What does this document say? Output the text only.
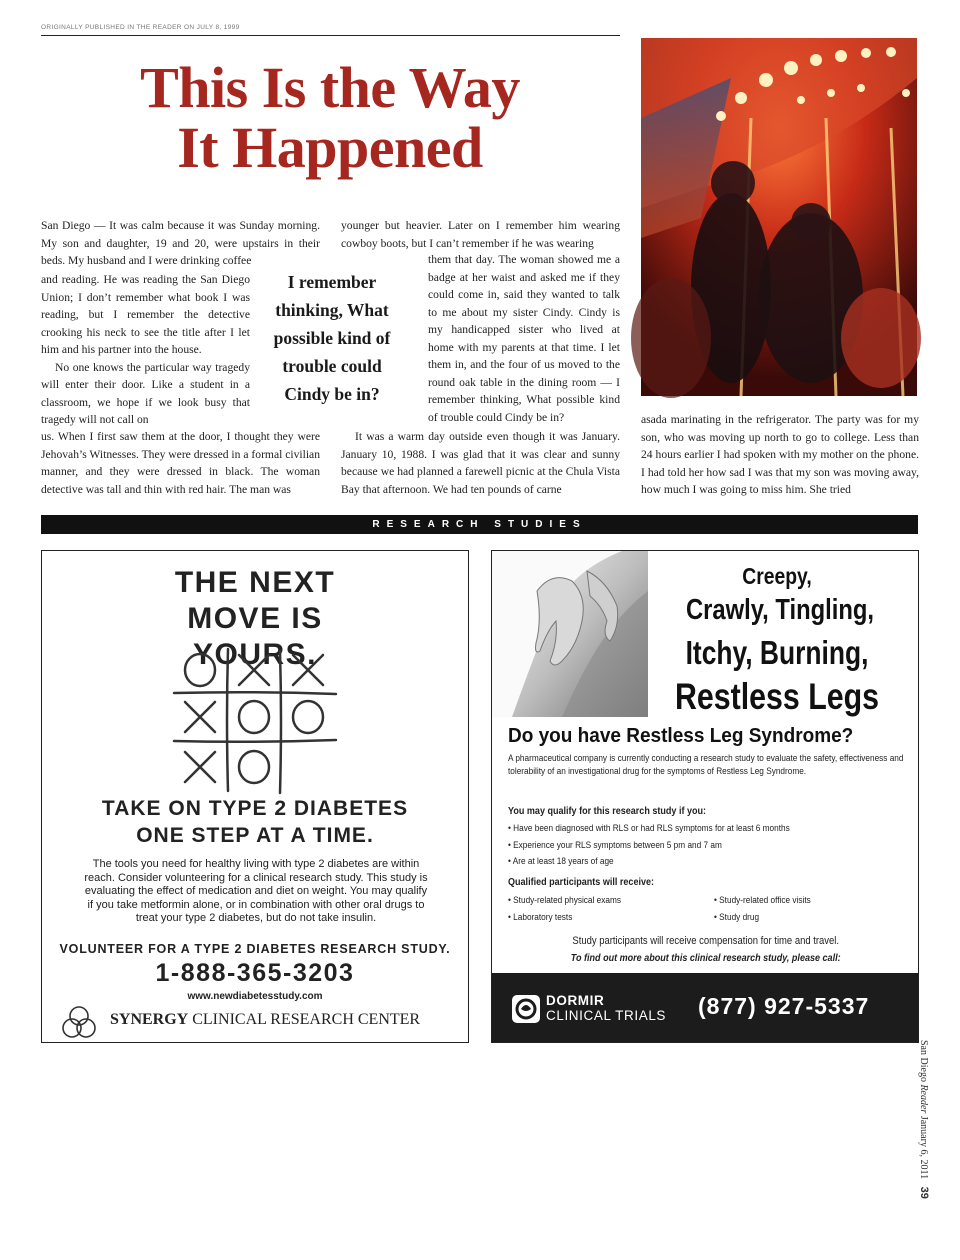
ORIGINALLY PUBLISHED IN THE READER ON JULY 8, 1999
This Is the Way
It Happened

San Diego — It was calm because it was Sunday morning. My son and daughter, 19 and 20, were upstairs in their beds. My husband and I were drinking coffee

and reading. He was reading the San Diego Union; I don’t remember what book I was reading, but I remember the detective crooking his neck to see the title after I let him and his partner into the house.

No one knows the particular way tragedy will enter their door. Like a student in a classroom, we hope if we look busy that tragedy will not call on

us. When I first saw them at the door, I thought they were Jehovah’s Witnesses. They were dressed in a formal civilian manner, and they were dressed in black. The woman detective was tall and thin with red hair. The man was

younger but heavier. Later on I remember him wearing cowboy boots, but I can’t remember if he was wearing

them that day. The woman showed me a badge at her waist and asked me if they could come in, said they wanted to talk to me about my sister Cindy. Cindy is my handicapped sister who lived at home with my parents at that time. I let them in, and the four of us moved to the round oak table in the dining room — I remember thinking, What possible kind of trouble could Cindy be in?

It was a warm day outside even though it was January. January 10, 1988. I was glad that it was clear and sunny because we had planned a farewell picnic at the Chula Vista Bay that afternoon. We had ten pounds of carne

asada marinating in the refrigerator. The party was for my son, who was moving up north to go to college. Less than 24 hours earlier I had spoken with my mother on the phone. I had told her how sad I was that my son was moving away, how much I was going to miss him. She tried

I remember thinking, What possible kind of trouble could Cindy be in?
RESEARCH STUDIES
THE NEXT MOVE IS YOURS.
TAKE ON TYPE 2 DIABETES ONE STEP AT A TIME.
The tools you need for healthy living with type 2 diabetes are within reach. Consider volunteering for a clinical research study. This study is evaluating the effect of medication and diet on weight. You may qualify if you take metformin alone, or in combination with other oral drugs to treat your type 2 diabetes, but do not take insulin.
VOLUNTEER FOR A TYPE 2 DIABETES RESEARCH STUDY.
1-888-365-3203
www.newdiabetesstudy.com
SYNERGY CLINICAL RESEARCH CENTER
Creepy,
Crawly, Tingling,
Itchy, Burning,
Restless Legs
Do you have Restless Leg Syndrome?
A pharmaceutical company is currently conducting a research study to evaluate the safety, effectiveness and tolerability of an investigational drug for the symptoms of Restless Leg Syndrome.
You may qualify for this research study if you:
• Have been diagnosed with RLS or had RLS symptoms for at least 6 months
• Experience your RLS symptoms between 5 pm and 7 am
• Are at least 18 years of age
Qualified participants will receive:
• Study-related physical exams
• Laboratory tests
• Study-related office visits
• Study drug
Study participants will receive compensation for time and travel.
To find out more about this clinical research study, please call:
DORMIR
CLINICAL TRIALS (877) 927-5337
San Diego Reader January 6, 2011   39
